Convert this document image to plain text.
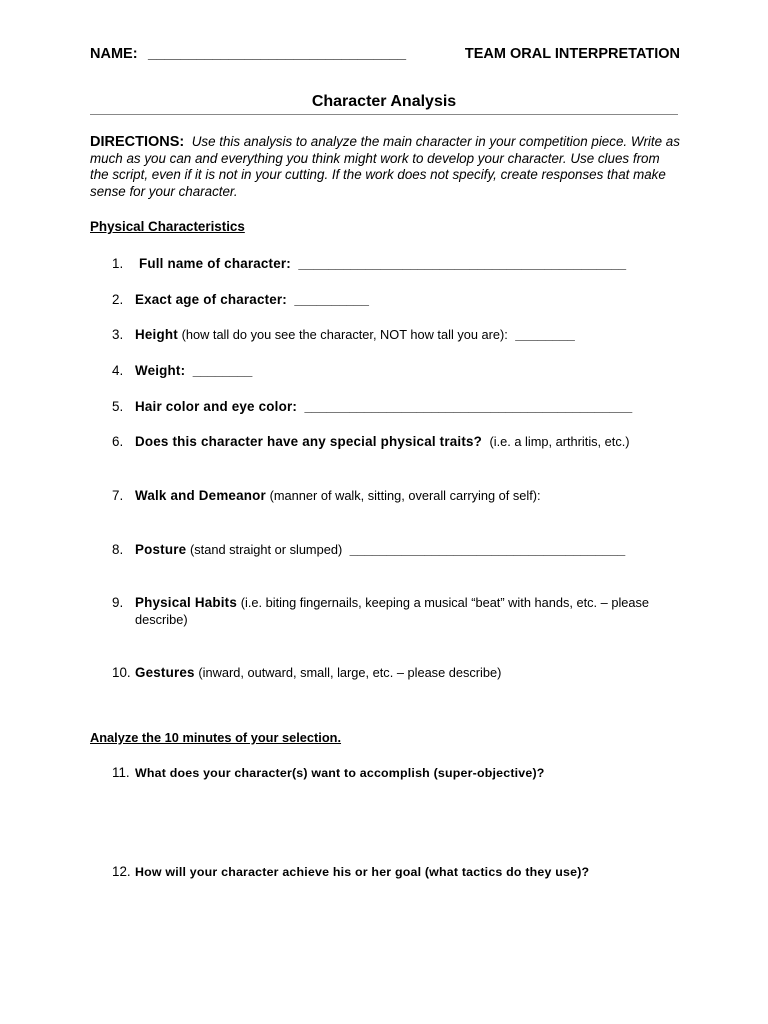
NAME: ________________________________	TEAM ORAL INTERPRETATION
Character Analysis
DIRECTIONS: Use this analysis to analyze the main character in your competition piece. Write as much as you can and everything you think might work to develop your character. Use clues from the script, even if it is not in your cutting. If the work does not specify, create responses that make sense for your character.
Physical Characteristics
1.	Full name of character: ____________________________________________
2. Exact age of character: __________
3. Height (how tall do you see the character, NOT how tall you are): ________
4. Weight: ________
5. Hair color and eye color: ____________________________________________
6. Does this character have any special physical traits? (i.e. a limp, arthritis, etc.)
7. Walk and Demeanor (manner of walk, sitting, overall carrying of self):
8. Posture (stand straight or slumped) _____________________________________
9. Physical Habits (i.e. biting fingernails, keeping a musical “beat” with hands, etc. – please describe)
10. Gestures (inward, outward, small, large, etc. – please describe)
Analyze the 10 minutes of your selection.
11. What does your character(s) want to accomplish (super-objective)?
12. How will your character achieve his or her goal (what tactics do they use)?
